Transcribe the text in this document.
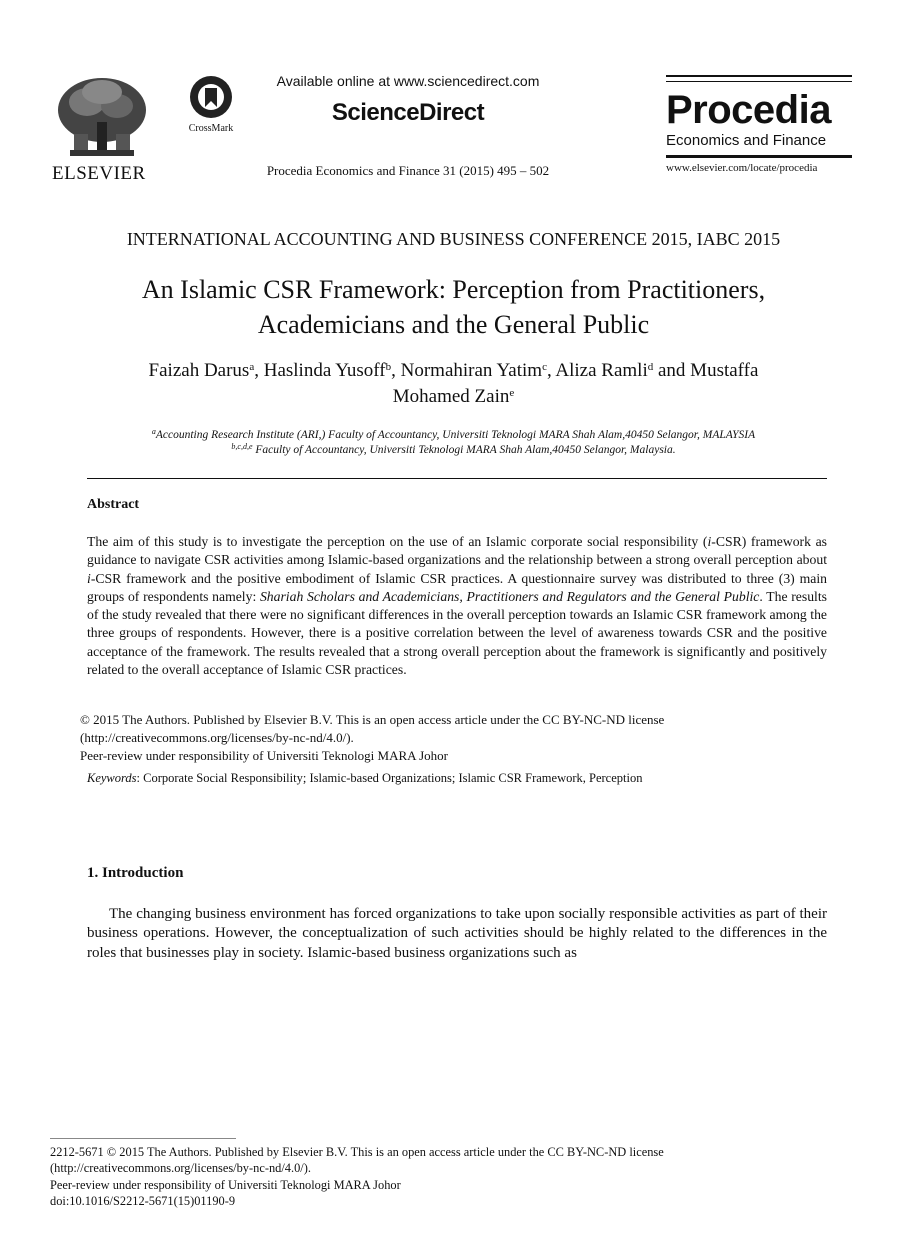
ELSEVIER
CrossMark
Available online at www.sciencedirect.com
ScienceDirect
Procedia Economics and Finance 31 (2015) 495 – 502
Procedia
Economics and Finance
www.elsevier.com/locate/procedia
INTERNATIONAL ACCOUNTING AND BUSINESS CONFERENCE 2015, IABC 2015
An Islamic CSR Framework: Perception from Practitioners,
Academicians and the General Public
Faizah Darus$^a$, Haslinda Yusoff$^b$, Normahiran Yatim$^c$, Aliza Ramli$^d$ and Mustaffa
Mohamed Zain$^e$
$^a$Accounting Research Institute (ARI,) Faculty of Accountancy, Universiti Teknologi MARA Shah Alam,40450 Selangor, MALAYSIA
$^{b,c,d,e}$ Faculty of Accountancy, Universiti Teknologi MARA Shah Alam,40450 Selangor, Malaysia.
Abstract
The aim of this study is to investigate the perception on the use of an Islamic corporate social responsibility (i-CSR) framework as guidance to navigate CSR activities among Islamic-based organizations and the relationship between a strong overall perception about i-CSR framework and the positive embodiment of Islamic CSR practices. A questionnaire survey was distributed to three (3) main groups of respondents namely: Shariah Scholars and Academicians, Practitioners and Regulators and the General Public. The results of the study revealed that there were no significant differences in the overall perception towards an Islamic CSR framework among the three groups of respondents. However, there is a positive correlation between the level of awareness towards CSR and the positive acceptance of the framework. The results revealed that a strong overall perception about the framework is significantly and positively related to the overall acceptance of Islamic CSR practices.
© 2015 The Authors. Published by Elsevier B.V. This is an open access article under the CC BY-NC-ND license
(http://creativecommons.org/licenses/by-nc-nd/4.0/).
Peer-review under responsibility of Universiti Teknologi MARA Johor
Keywords: Corporate Social Responsibility; Islamic-based Organizations; Islamic CSR Framework, Perception
1. Introduction
The changing business environment has forced organizations to take upon socially responsible activities as part of their business operations. However, the conceptualization of such activities should be highly related to the differences in the roles that businesses play in society. Islamic-based business organizations such as
2212-5671 © 2015 The Authors. Published by Elsevier B.V. This is an open access article under the CC BY-NC-ND license
(http://creativecommons.org/licenses/by-nc-nd/4.0/).
Peer-review under responsibility of Universiti Teknologi MARA Johor
doi:10.1016/S2212-5671(15)01190-9
